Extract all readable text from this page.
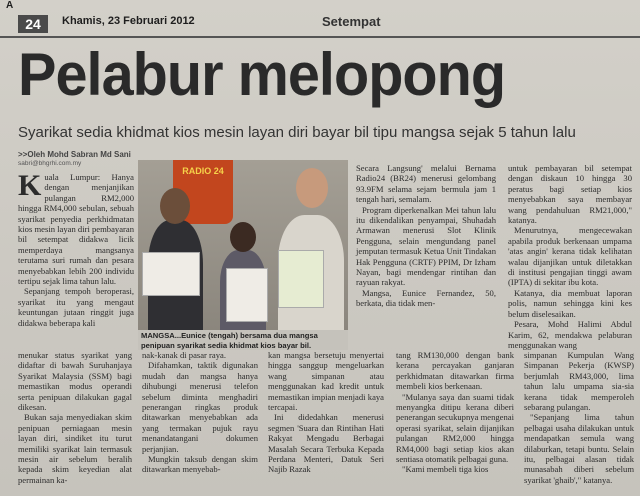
A
24	Khamis, 23 Februari 2012	Setempat
Pelabur melopong
Syarikat sedia khidmat kios mesin layan diri bayar bil tipu mangsa sejak 5 tahun lalu
>>Oleh Mohd Sabran Md Sani
sabri@bhgrhi.com.my
K uala Lumpur: Hanya dengan menjanjikan pulangan RM2,000 hingga RM4,000 sebulan, sebuah syarikat penyedia perkhidmatan kios mesin layan diri pembayaran bil setempat didakwa licik memperdaya mangsanya terutama suri rumah dan pesara menyebabkan lebih 200 individu tertipu sejak lima tahun lalu.

Sepanjang tempoh beroperasi, syarikat itu yang mengaut keuntungan jutaan ringgit juga didakwa beberapa kali

RADIO 24
MANGSA...Eunice (tengah) bersama dua mangsa penipuan syarikat sedia khidmat kios bayar bil.

Secara Langsung' melalui Bernama Radio24 (BR24) menerusi gelombang 93.9FM selama sejam bermula jam 1 tengah hari, semalam.

Program diperkenalkan Mei tahun lalu itu dikendalikan penyampai, Shuhadah Armawan menerusi Slot Klinik Pengguna, selain mengundang panel jemputan termasuk Ketua Unit Tindakan Hak Pengguna (CRTF) PPIM, Dr Izham Nayan, bagi mendengar rintihan dan rayuan rakyat.

Mangsa, Eunice Fernandez, 50, berkata, dia tidak men-

untuk pembayaran bil setempat dengan diskaun 10 hingga 30 peratus bagi setiap kios menyebabkan saya membayar wang pendahuluan RM21,000," katanya.

Menurutnya, mengecewakan apabila produk berkenaan umpama 'atas angin' kerana tidak kelihatan walau dijanjikan untuk diletakkan di institusi pengajian tinggi awam (IPTA) di sekitar ibu kota.

Katanya, dia membuat laporan polis, namun sehingga kini kes belum diselesaikan.

Pesara, Mohd Halimi Abdul Karim, 62, mendakwa pelaburan menggunakan wang

menukar status syarikat yang didaftar di bawah Suruhanjaya Syarikat Malaysia (SSM) bagi memastikan modus operandi serta penipuan dilakukan gagal dikesan.

Bukan saja menyediakan skim penipuan perniagaan mesin layan diri, sindiket itu turut memiliki syarikat lain termasuk mesin air sebelum beralih kepada skim keyedian alat permainan ka-

nak-kanak di pasar raya.

Difahamkan, taktik digunakan mudah dan mangsa hanya dihubungi menerusi telefon sebelum diminta menghadiri penerangan ringkas produk ditawarkan menyebabkan ada yang termakan pujuk rayu menandatangani dokumen perjanjian.

Mungkin taksub dengan skim ditawarkan menyebab-

kan mangsa bersetuju menyertai hingga sanggup mengeluarkan wang simpanan atau menggunakan kad kredit untuk memastikan impian menjadi kaya tercapai.

Ini didedahkan menerusi segmen 'Suara dan Rintihan Hati Rakyat Mengadu Berbagai Masalah Secara Terbuka Kepada Perdana Menteri, Datuk Seri Najib Razak

tang RM130,000 dengan bank kerana percayakan ganjaran perkhidmatan ditawarkan firma membeli kios berkenaan.

"Mulanya saya dan suami tidak menyangka ditipu kerana diberi penerangan secukupnya mengenai operasi syarikat, selain dijanjikan pulangan RM2,000 hingga RM4,000 bagi setiap kios akan sentiasa otomatik pelbagai guna.

"Kami membeli tiga kios

simpanan Kumpulan Wang Simpanan Pekerja (KWSP) berjumlah RM43,000, lima tahun lalu umpama sia-sia kerana tidak memperoleh sebarang pulangan.

"Sepanjang lima tahun pelbagai usaha dilakukan untuk mendapatkan semula wang dilaburkan, tetapi buntu. Selain itu, pelbagai alasan tidak munasabah diberi sebelum syarikat 'ghaib'," katanya.
